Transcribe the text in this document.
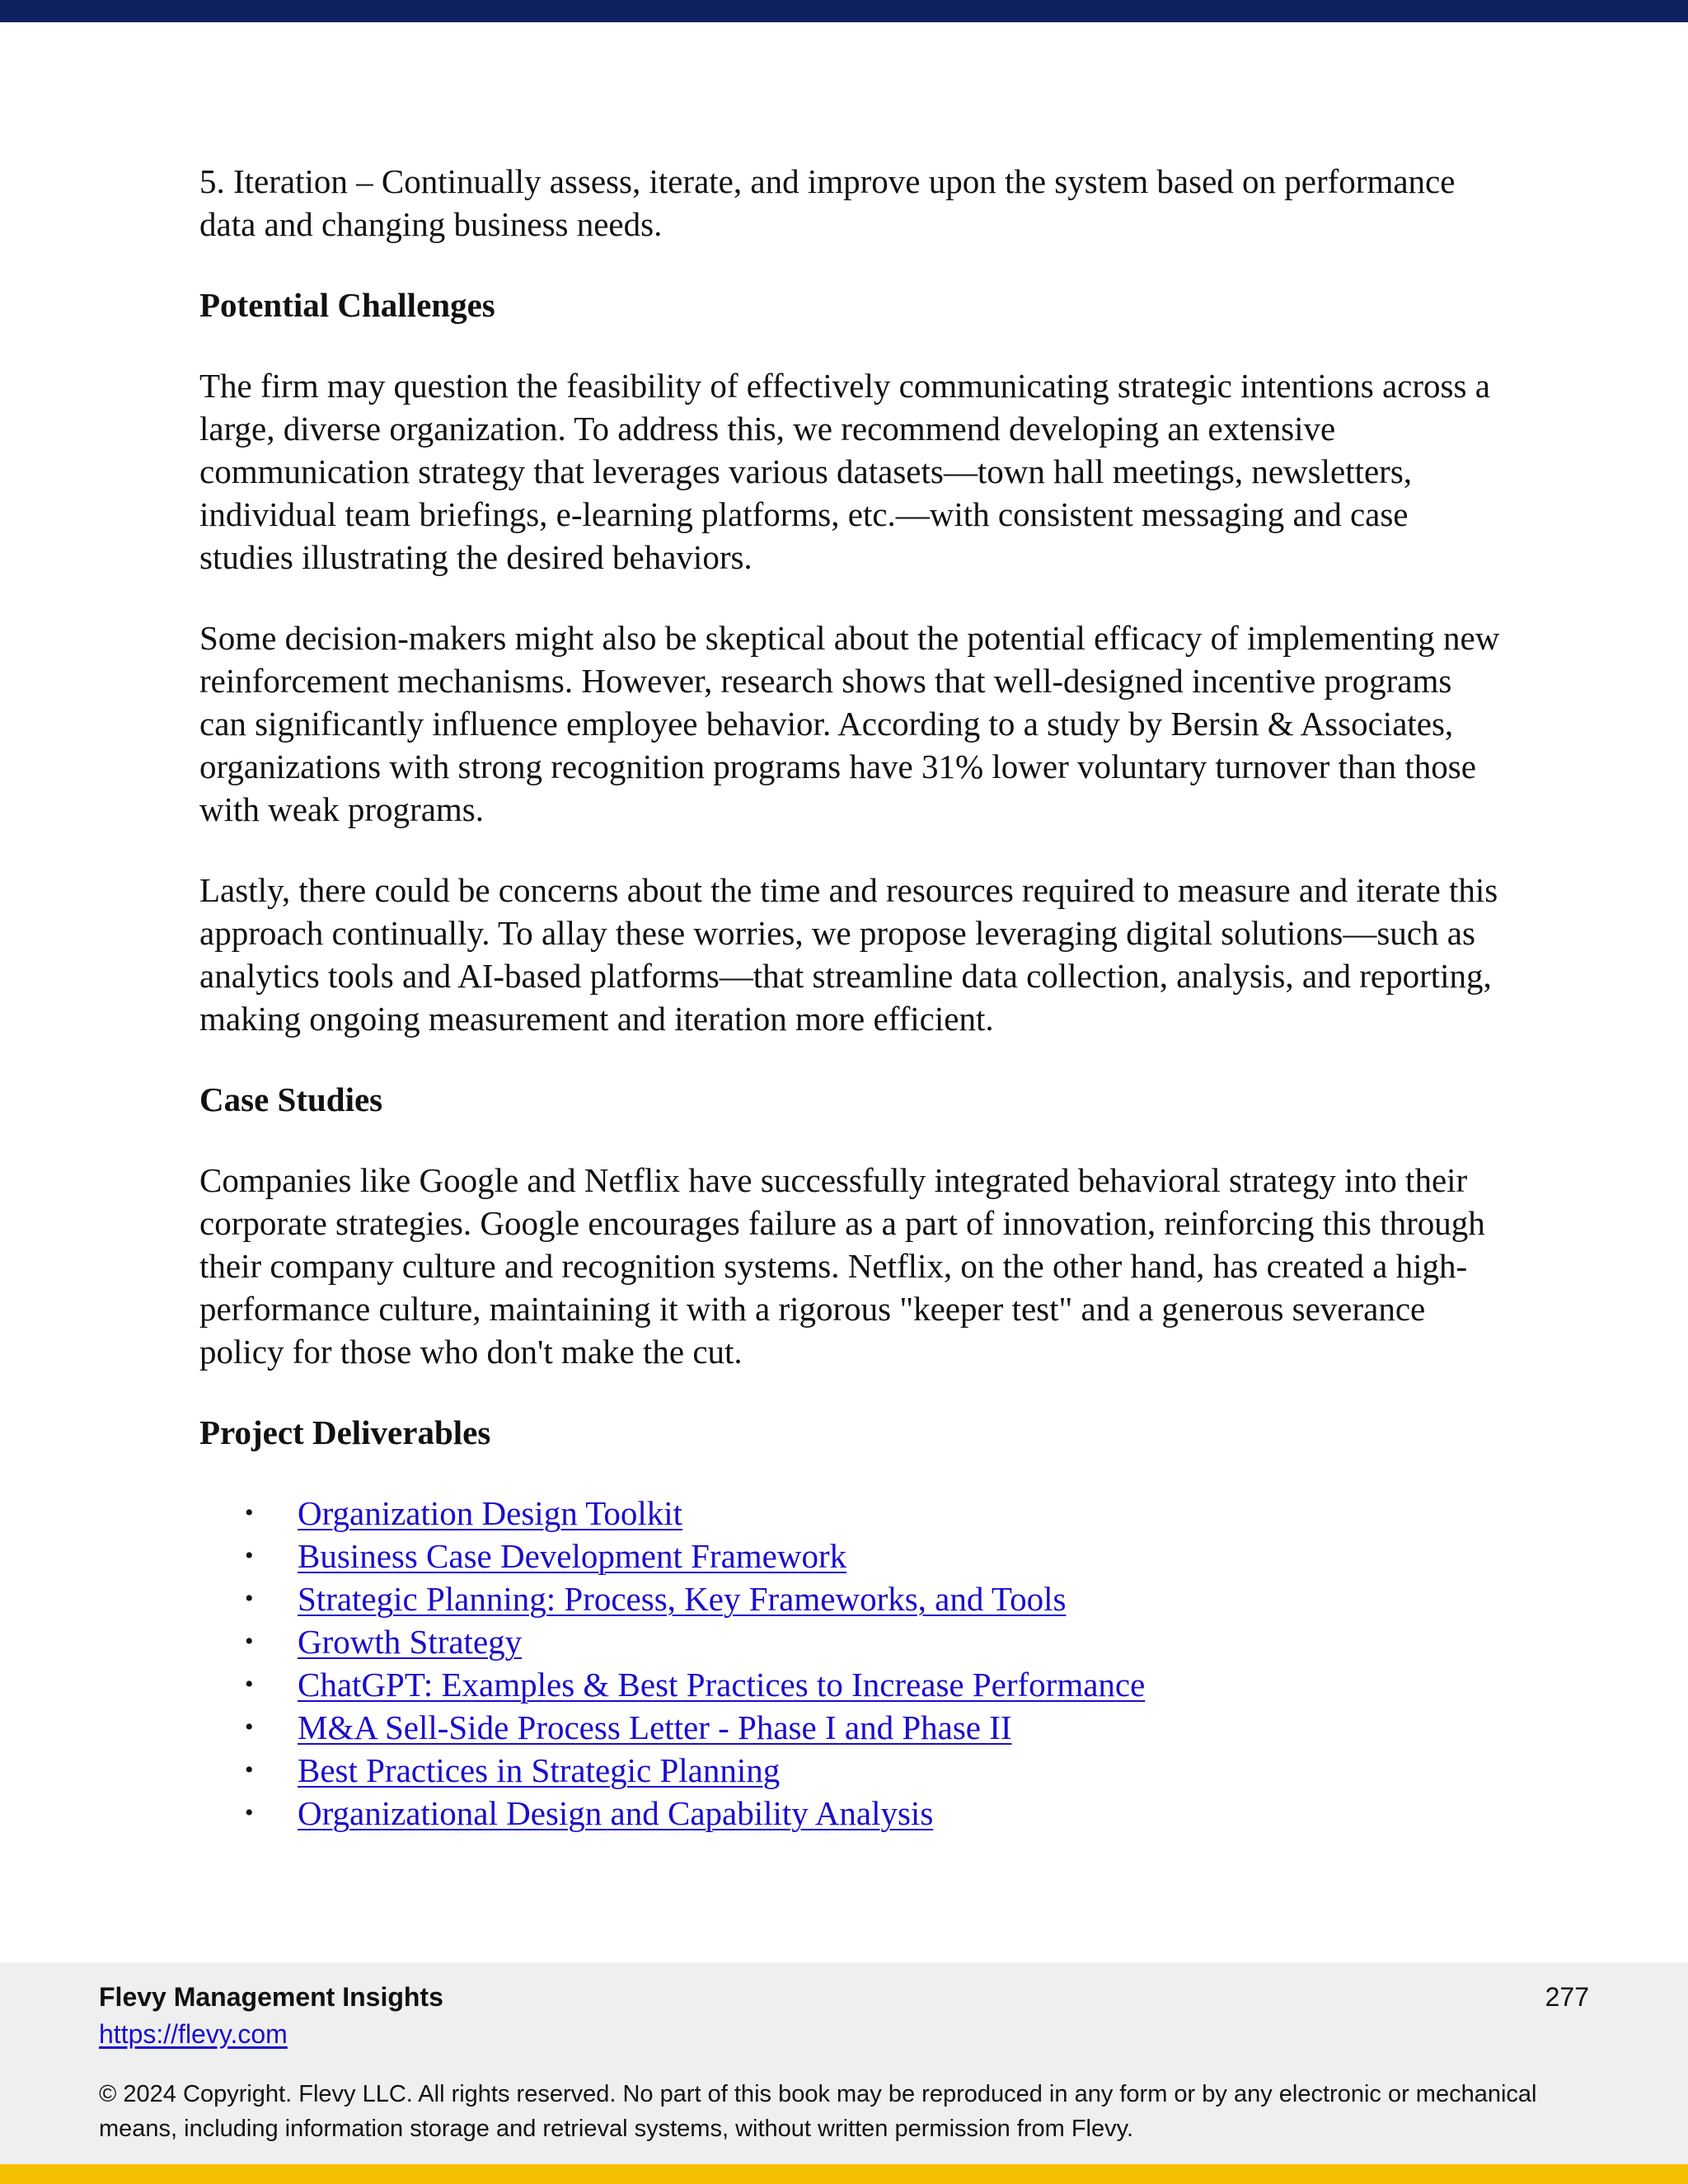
5. Iteration – Continually assess, iterate, and improve upon the system based on performance data and changing business needs.

Potential Challenges

The firm may question the feasibility of effectively communicating strategic intentions across a large, diverse organization. To address this, we recommend developing an extensive communication strategy that leverages various datasets—town hall meetings, newsletters, individual team briefings, e-learning platforms, etc.—with consistent messaging and case studies illustrating the desired behaviors.

Some decision-makers might also be skeptical about the potential efficacy of implementing new reinforcement mechanisms. However, research shows that well-designed incentive programs can significantly influence employee behavior. According to a study by Bersin & Associates, organizations with strong recognition programs have 31% lower voluntary turnover than those with weak programs.

Lastly, there could be concerns about the time and resources required to measure and iterate this approach continually. To allay these worries, we propose leveraging digital solutions—such as analytics tools and AI-based platforms—that streamline data collection, analysis, and reporting, making ongoing measurement and iteration more efficient.

Case Studies

Companies like Google and Netflix have successfully integrated behavioral strategy into their corporate strategies. Google encourages failure as a part of innovation, reinforcing this through their company culture and recognition systems. Netflix, on the other hand, has created a high-performance culture, maintaining it with a rigorous "keeper test" and a generous severance policy for those who don't make the cut.

Project Deliverables

• Organization Design Toolkit
• Business Case Development Framework
• Strategic Planning: Process, Key Frameworks, and Tools
• Growth Strategy
• ChatGPT: Examples & Best Practices to Increase Performance
• M&A Sell-Side Process Letter - Phase I and Phase II
• Best Practices in Strategic Planning
• Organizational Design and Capability Analysis
Flevy Management Insights
https://flevy.com
277
© 2024 Copyright. Flevy LLC. All rights reserved. No part of this book may be reproduced in any form or by any electronic or mechanical means, including information storage and retrieval systems, without written permission from Flevy.
